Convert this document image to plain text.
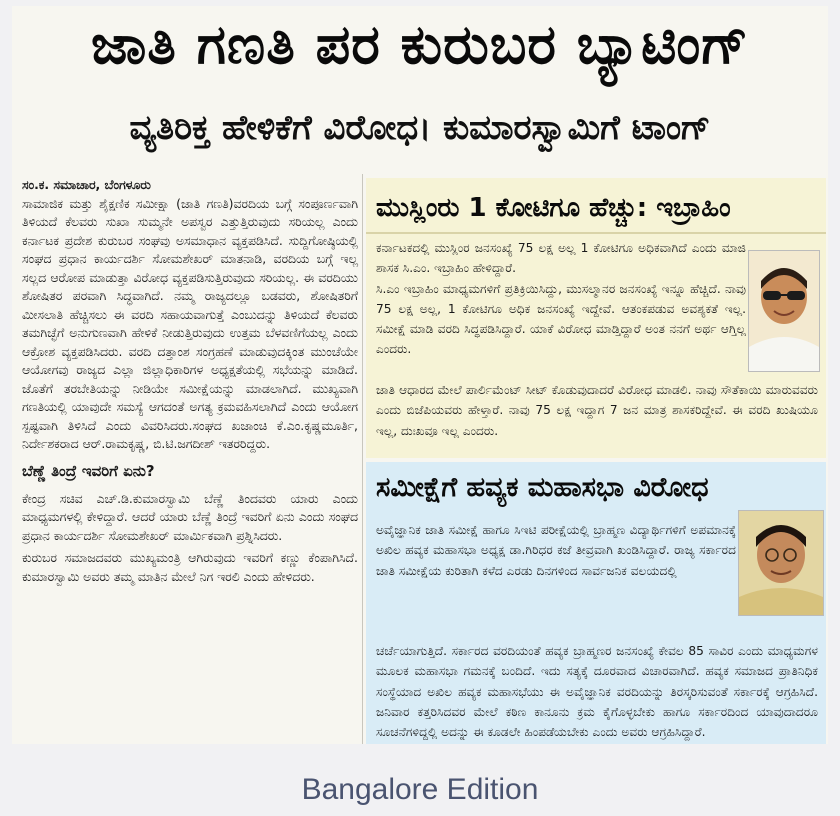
ಜಾತಿ ಗಣತಿ ಪರ ಕುರುಬರ ಬ್ಯಾಟಿಂಗ್
ವ್ಯತಿರಿಕ್ತ ಹೇಳಿಕೆಗೆ ವಿರೋಧ। ಕುಮಾರಸ್ವಾಮಿಗೆ ಟಾಂಗ್

ಸಂ.ಕ. ಸಮಾಚಾರ, ಬೆಂಗಳೂರು

ಸಾಮಾಜಿಕ ಮತ್ತು ಶೈಕ್ಷಣಿಕ ಸಮೀಕ್ಷಾ (ಜಾತಿ ಗಣತಿ)ವರದಿಯ ಬಗ್ಗೆ ಸಂಪೂರ್ಣವಾಗಿ ತಿಳಿಯದೆ ಕೆಲವರು ಸುಖಾ ಸುಮ್ಮನೇ ಅಪಸ್ವರ ಎತ್ತುತ್ತಿರುವುದು ಸರಿಯಲ್ಲ ಎಂದು ಕರ್ನಾಟಕ ಪ್ರದೇಶ ಕುರುಬರ ಸಂಘವು ಅಸಮಾಧಾನ ವ್ಯಕ್ತಪಡಿಸಿದೆ. ಸುದ್ದಿಗೋಷ್ಠಿಯಲ್ಲಿ ಸಂಘದ ಪ್ರಧಾನ ಕಾರ್ಯದರ್ಶಿ ಸೋಮಶೇಖರ್ ಮಾತನಾಡಿ, ವರದಿಯ ಬಗ್ಗೆ ಇಲ್ಲ ಸಲ್ಲದ ಆರೋಪ ಮಾಡುತ್ತಾ ವಿರೋಧ ವ್ಯಕ್ತಪಡಿಸುತ್ತಿರುವುದು ಸರಿಯಲ್ಲ. ಈ ವರದಿಯು ಶೋಷಿತರ ಪರವಾಗಿ ಸಿದ್ಧವಾಗಿದೆ. ನಮ್ಮ ರಾಜ್ಯದಲ್ಲೂ ಬಡವರು, ಶೋಷಿತರಿಗೆ ಮೀಸಲಾತಿ ಹೆಚ್ಚಿಸಲು ಈ ವರದಿ ಸಹಾಯವಾಗುತ್ತೆ ಎಂಬುದನ್ನು ತಿಳಿಯದೆ ಕೆಲವರು ತಮಗಿಚ್ಛೆಗೆ ಅನುಗುಣವಾಗಿ ಹೇಳಿಕೆ ನೀಡುತ್ತಿರುವುದು ಉತ್ತಮ ಬೆಳವಣಿಗೆಯಲ್ಲ ಎಂದು ಆಕ್ರೋಶ ವ್ಯಕ್ತಪಡಿಸಿದರು. ವರದಿ ದತ್ತಾಂಶ ಸಂಗ್ರಹಣೆ ಮಾಡುವುದಕ್ಕಿಂತ ಮುಂಚೆಯೇ ಆಯೋಗವು ರಾಜ್ಯದ ಎಲ್ಲಾ ಜಿಲ್ಲಾಧಿಕಾರಿಗಳ ಅಧ್ಯಕ್ಷತೆಯಲ್ಲಿ ಸಭೆಯನ್ನು ಮಾಡಿದೆ. ಜೊತೆಗೆ ತರಬೇತಿಯನ್ನು ನೀಡಿಯೇ ಸಮೀಕ್ಷೆಯನ್ನು ಮಾಡಲಾಗಿದೆ. ಮುಖ್ಯವಾಗಿ ಗಣತಿಯಲ್ಲಿ ಯಾವುದೇ ಸಮಸ್ಯೆ ಆಗದಂತೆ ಅಗತ್ಯ ಕ್ರಮವಹಿಸಲಾಗಿದೆ ಎಂದು ಆಯೋಗ ಸ್ಪಷ್ಟವಾಗಿ ತಿಳಿಸಿದೆ ಎಂದು ವಿವರಿಸಿದರು.ಸಂಘದ ಖಜಾಂಚಿ ಕೆ.ಎಂ.ಕೃಷ್ಣಮೂರ್ತಿ, ನಿರ್ದೇಶಕರಾದ ಆರ್.ರಾಮಕೃಷ್ಣ, ಬಿ.ಟಿ.ಜಗದೀಶ್ ಇತರರಿದ್ದರು.

ಬೆಣ್ಣೆ ತಿಂದ್ರೆ ಇವರಿಗೆ ಏನು?

ಕೇಂದ್ರ ಸಚಿವ ಎಚ್.ಡಿ.ಕುಮಾರಸ್ವಾಮಿ ಬೆಣ್ಣೆ ತಿಂದವರು ಯಾರು ಎಂದು ಮಾಧ್ಯಮಗಳಲ್ಲಿ ಕೇಳಿದ್ದಾರೆ. ಆದರೆ ಯಾರು ಬೆಣ್ಣೆ ತಿಂದ್ರೆ ಇವರಿಗೆ ಏನು ಎಂದು ಸಂಘದ ಪ್ರಧಾನ ಕಾರ್ಯದರ್ಶಿ ಸೋಮಶೇಖರ್ ಮಾರ್ಮಿಕವಾಗಿ ಪ್ರಶ್ನಿಸಿದರು.

ಕುರುಬರ ಸಮಾಜದವರು ಮುಖ್ಯಮಂತ್ರಿ ಆಗಿರುವುದು ಇವರಿಗೆ ಕಣ್ಣು ಕೆಂಪಾಗಿಸಿದೆ. ಕುಮಾರಸ್ವಾಮಿ ಅವರು ತಮ್ಮ ಮಾತಿನ ಮೇಲೆ ನಿಗ ಇರಲಿ ಎಂದು ಹೇಳಿದರು.

ಮುಸ್ಲಿಂರು 1 ಕೋಟಿಗೂ ಹೆಚ್ಚು: ಇಬ್ರಾಹಿಂ

ಕರ್ನಾಟಕದಲ್ಲಿ ಮುಸ್ಲಿಂರ ಜನಸಂಖ್ಯೆ 75 ಲಕ್ಷ ಅಲ್ಲ 1 ಕೋಟಿಗೂ ಅಧಿಕವಾಗಿದೆ ಎಂದು ಮಾಜಿ ಶಾಸಕ ಸಿ.ಎಂ. ಇಬ್ರಾಹಿಂ ಹೇಳಿದ್ದಾರೆ.

ಸಿ.ಎಂ ಇಬ್ರಾಹಿಂ ಮಾಧ್ಯಮಗಳಿಗೆ ಪ್ರತಿಕ್ರಿಯಿಸಿದ್ದು, ಮುಸಲ್ಮಾನರ ಜನಸಂಖ್ಯೆ ಇನ್ನೂ ಹೆಚ್ಚಿದೆ. ನಾವು 75 ಲಕ್ಷ ಅಲ್ಲ, 1 ಕೋಟಿಗೂ ಅಧಿಕ ಜನಸಂಖ್ಯೆ ಇದ್ದೇವೆ. ಆತಂಕಪಡುವ ಅವಶ್ಯಕತೆ ಇಲ್ಲ. ಸಮೀಕ್ಷೆ ಮಾಡಿ ವರದಿ ಸಿದ್ಧಪಡಿಸಿದ್ದಾರೆ. ಯಾಕೆ ವಿರೋಧ ಮಾಡ್ತಿದ್ದಾರೆ ಅಂತ ನನಗೆ ಅರ್ಥ ಆಗ್ತಿಲ್ಲ ಎಂದರು.

ಜಾತಿ ಆಧಾರದ ಮೇಲೆ ಪಾರ್ಲಿಮೆಂಟ್ ಸೀಟ್ ಕೊಡುವುದಾದರೆ ವಿರೋಧ ಮಾಡಲಿ. ನಾವು ಸೌತೆಕಾಯಿ ಮಾರುವವರು ಎಂದು ಬಿಜೆಪಿಯವರು ಹೇಳ್ತಾರೆ. ನಾವು 75 ಲಕ್ಷ ಇದ್ದಾಗ 7 ಜನ ಮಾತ್ರ ಶಾಸಕರಿದ್ದೇವೆ. ಈ ವರದಿ ಖುಷಿಯೂ ಇಲ್ಲ, ದುಃಖವೂ ಇಲ್ಲ ಎಂದರು.

ಸಮೀಕ್ಷೆಗೆ ಹವ್ಯಕ ಮಹಾಸಭಾ ವಿರೋಧ

ಅವೈಜ್ಞಾನಿಕ ಜಾತಿ ಸಮೀಕ್ಷೆ ಹಾಗೂ ಸಿಇಟಿ ಪರೀಕ್ಷೆಯಲ್ಲಿ ಬ್ರಾಹ್ಮಣ ವಿದ್ಯಾರ್ಥಿಗಳಿಗೆ ಅಪಮಾನಕ್ಕೆ ಅಖಿಲ ಹವ್ಯಕ ಮಹಾಸಭಾ ಅಧ್ಯಕ್ಷ ಡಾ.ಗಿರಿಧರ ಕಜೆ ತೀವ್ರವಾಗಿ ಖಂಡಿಸಿದ್ದಾರೆ. ರಾಜ್ಯ ಸರ್ಕಾರದ ಜಾತಿ ಸಮೀಕ್ಷೆಯ ಕುರಿತಾಗಿ ಕಳೆದ ಎರಡು ದಿನಗಳಿಂದ ಸಾರ್ವಜನಿಕ ವಲಯದಲ್ಲಿ

ಚರ್ಚೆಯಾಗುತ್ತಿದೆ. ಸರ್ಕಾರದ ವರದಿಯಂತೆ ಹವ್ಯಕ ಬ್ರಾಹ್ಮಣರ ಜನಸಂಖ್ಯೆ ಕೇವಲ 85 ಸಾವಿರ ಎಂದು ಮಾಧ್ಯಮಗಳ ಮೂಲಕ ಮಹಾಸಭಾ ಗಮನಕ್ಕೆ ಬಂದಿದೆ. ಇದು ಸತ್ಯಕ್ಕೆ ದೂರವಾದ ವಿಚಾರವಾಗಿದೆ. ಹವ್ಯಕ ಸಮಾಜದ ಪ್ರಾತಿನಿಧಿಕ ಸಂಸ್ಥೆಯಾದ ಅಖಿಲ ಹವ್ಯಕ ಮಹಾಸಭೆಯು ಈ ಅವೈಜ್ಞಾನಿಕ ವರದಿಯನ್ನು ತಿರಸ್ಕರಿಸುವಂತೆ ಸರ್ಕಾರಕ್ಕೆ ಆಗ್ರಹಿಸಿದೆ. ಜನಿವಾರ ಕತ್ತರಿಸಿದವರ ಮೇಲೆ ಕಠಿಣ ಕಾನೂನು ಕ್ರಮ ಕೈಗೊಳ್ಳಬೇಕು ಹಾಗೂ ಸರ್ಕಾರದಿಂದ ಯಾವುದಾದರೂ ಸೂಚನೆಗಳಿದ್ದಲ್ಲಿ ಅದನ್ನು ಈ ಕೂಡಲೇ ಹಿಂಪಡೆಯಬೇಕು ಎಂದು ಅವರು ಆಗ್ರಹಿಸಿದ್ದಾರೆ.

Bangalore Edition
